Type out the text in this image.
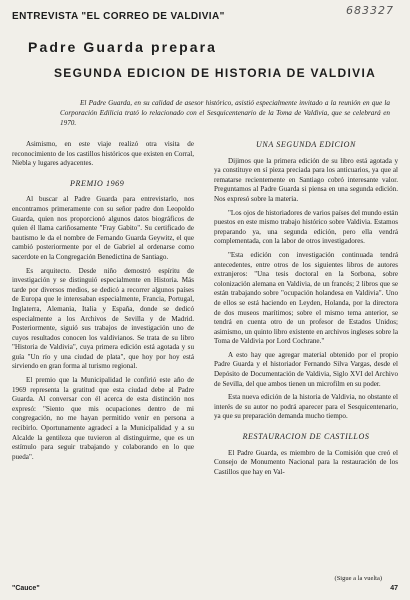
683327
ENTREVISTA "EL CORREO DE VALDIVIA"
Padre Guarda prepara
SEGUNDA EDICION DE HISTORIA DE VALDIVIA
El Padre Guarda, en su calidad de asesor histórico, asistió especialmente invitado a la reunión en que la Corporación Edilicia trató lo relacionado con el Sesquicentenario de la Toma de Valdivia, que se celebrará en 1970.

Asimismo, en este viaje realizó otra visita de reconocimiento de los castillos históricos que existen en Corral, Niebla y lugares adyacentes.

PREMIO 1969

Al buscar al Padre Guarda para entrevistarlo, nos encontramos primeramente con su señor padre don Leopoldo Guarda, quien nos proporcionó algunos datos biográficos de quien él llama cariñosamente "Fray Gabito". Su certificado de bautismo le da el nombre de Fernando Guarda Geywitz, el que cambió posteriormente por el de Gabriel al ordenarse como sacerdote en la Congregación Benedictina de Santiago.

Es arquitecto. Desde niño demostró espíritu de investigación y se distinguió especialmente en Historia. Más tarde por diversos medios, se dedicó a recorrer algunos países de Europa que le interesaban especialmente, Francia, Portugal, Inglaterra, Alemania, Italia y España, donde se dedicó especialmente a los Archivos de Sevilla y de Madrid. Posteriormente, siguió sus trabajos de investigación uno de cuyos resultados conocen los valdivianos. Se trata de su libro "Historia de Valdivia", cuya primera edición está agotada y su guía "Un río y una ciudad de plata", que hoy por hoy está sirviendo en gran forma al turismo regional.

El premio que la Municipalidad le confirió este año de 1969 representa la gratitud que esta ciudad debe al Padre Guarda. Al conversar con él acerca de esta distinción nos expresó: "Siento que mis ocupaciones dentro de mi congregación, no me hayan permitido venir en persona a recibirlo. Oportunamente agradecí a la Municipalidad y a su Alcalde la gentileza que tuvieron al distinguirme, que es un estímulo para seguir trabajando y colaborando en lo que pueda".

UNA SEGUNDA EDICION

Dijimos que la primera edición de su libro está agotada y ya constituye en sí pieza preciada para los anticuarios, ya que al rematarse recientemente en Santiago cobró interesante valor. Preguntamos al Padre Guarda si piensa en una segunda edición. Nos expresó sobre la materia.

"Los ojos de historiadores de varios países del mundo están puestos en este mismo trabajo histórico sobre Valdivia. Estamos preparando ya, una segunda edición, pero ella vendrá complementada, con la labor de otros investigadores.

"Esta edición con investigación continuada tendrá antecedentes, entre otros de los siguientes libros de autores extranjeros: "Una tesis doctoral en la Sorbona, sobre colonización alemana en Valdivia, de un francés; 2 libros que se están trabajando sobre "ocupación holandesa en Valdivia". Uno de ellos se está haciendo en Leyden, Holanda, por la directora de dos museos marítimos; sobre el mismo tema anterior, se tendrá en cuenta otro de un profesor de Estados Unidos; asimismo, un quinto libro existente en archivos ingleses sobre la Toma de Valdivia por Lord Cochrane."

A esto hay que agregar material obtenido por el propio Padre Guarda y el historiador Fernando Silva Vargas, desde el Depósito de Documentación de Valdivia, Siglo XVI del Archivo de Sevilla, del que ambos tienen un microfilm en su poder.

Esta nueva edición de la historia de Valdivia, no obstante el interés de su autor no podrá aparecer para el Sesquicentenario, ya que su preparación demanda mucho tiempo.

RESTAURACION DE CASTILLOS

El Padre Guarda, es miembro de la Comisión que creó el Consejo de Monumento Nacional para la restauración de los Castillos que hay en Val-

(Sigue a la vuelta)
"Cauce"	47
